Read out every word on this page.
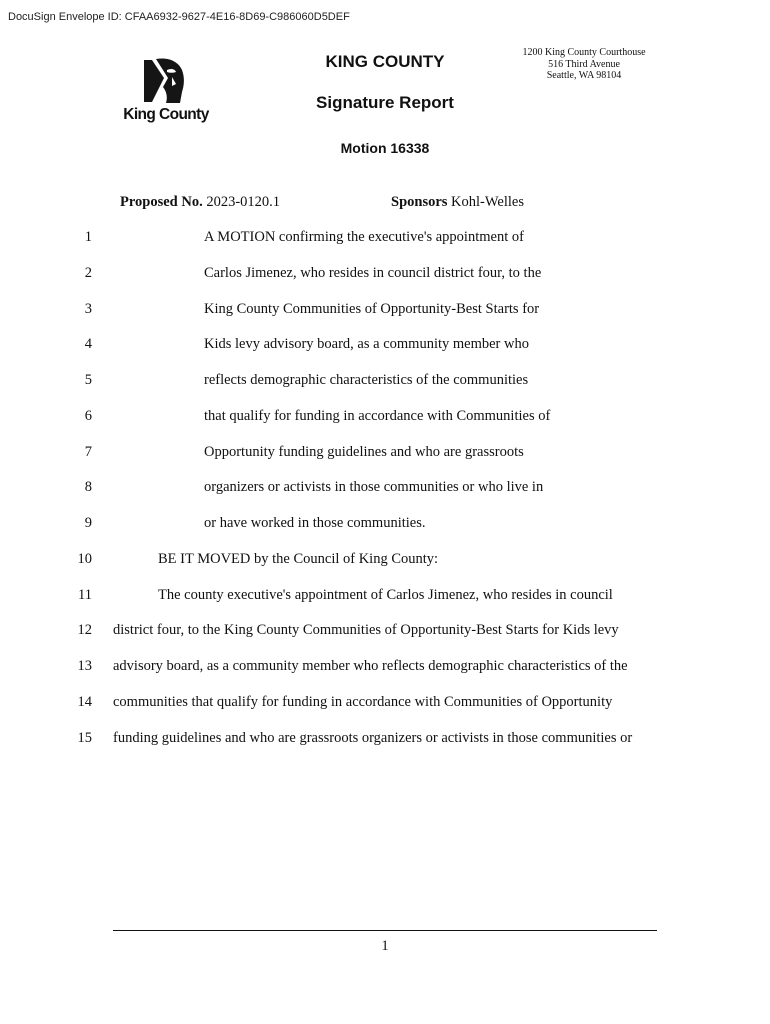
DocuSign Envelope ID: CFAA6932-9627-4E16-8D69-C986060D5DEF
King County
KING COUNTY
Signature Report
Motion 16338
1200 King County Courthouse
516 Third Avenue
Seattle, WA 98104
Proposed No. 2023-0120.1	Sponsors Kohl-Welles
1	A MOTION confirming the executive's appointment of
2	Carlos Jimenez, who resides in council district four, to the
3	King County Communities of Opportunity-Best Starts for
4	Kids levy advisory board, as a community member who
5	reflects demographic characteristics of the communities
6	that qualify for funding in accordance with Communities of
7	Opportunity funding guidelines and who are grassroots
8	organizers or activists in those communities or who live in
9	or have worked in those communities.
10	BE IT MOVED by the Council of King County:
11	The county executive's appointment of Carlos Jimenez, who resides in council
12 district four, to the King County Communities of Opportunity-Best Starts for Kids levy
13 advisory board, as a community member who reflects demographic characteristics of the
14 communities that qualify for funding in accordance with Communities of Opportunity
15 funding guidelines and who are grassroots organizers or activists in those communities or
1
